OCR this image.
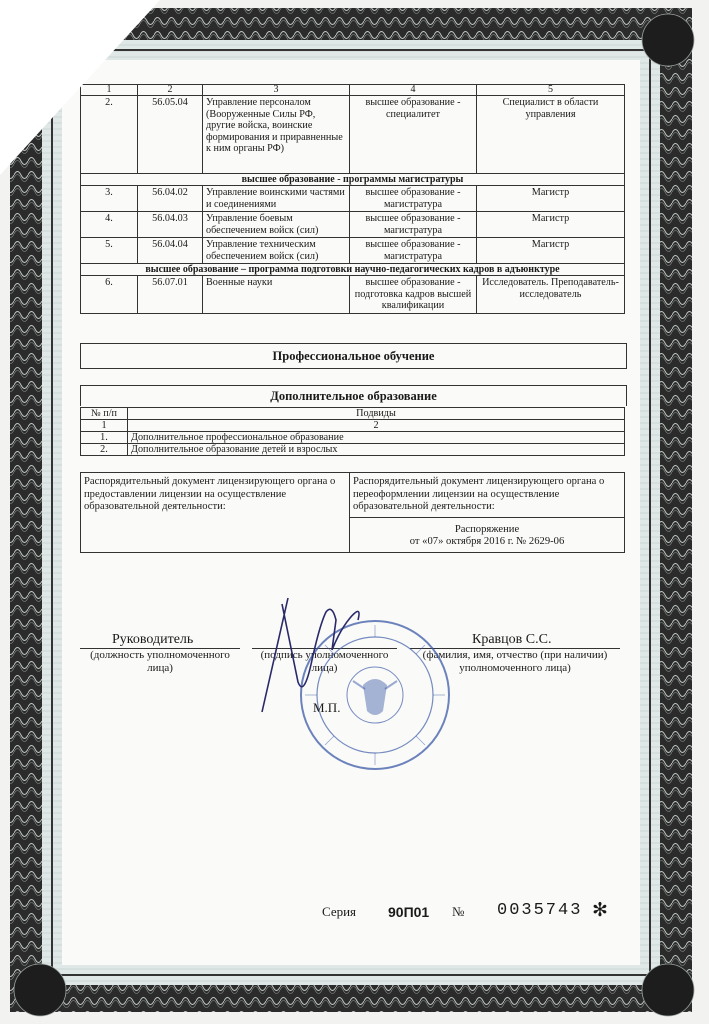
1	2	3	4	5
2.	56.05.04	Управление персоналом (Вооруженные Силы РФ, другие войска, воинские формирования и приравненные к ним органы РФ)	высшее образование - специалитет	Специалист в области управления
высшее образование - программы магистратуры				
3.	56.04.02	Управление воинскими частями и соединениями	высшее образование - магистратура	Магистр
4.	56.04.03	Управление боевым обеспечением войск (сил)	высшее образование - магистратура	Магистр
5.	56.04.04	Управление техническим обеспечением войск (сил)	высшее образование - магистратура	Магистр
высшее образование – программа подготовки научно-педагогических кадров в адъюнктуре				
6.	56.07.01	Военные науки	высшее образование - подготовка кадров высшей квалификации	Исследователь. Преподаватель-исследователь
Профессиональное обучение
Дополнительное образование
№ п/п	Подвиды
1	2
1.	Дополнительное профессиональное образование
2.	Дополнительное образование детей и взрослых
Распорядительный документ лицензирующего органа о предоставлении лицензии на осуществление образовательной деятельности:	Распорядительный документ лицензирующего органа о переоформлении лицензии на осуществление образовательной деятельности:

Распоряжение
от «07» октября 2016 г. № 2629-06
Руководитель
(должность уполномоченного лица)
(подпись уполномоченного лица)
Кравцов С.С.
(фамилия, имя, отчество (при наличии) уполномоченного лица)
М.П.
Серия 90П01 № 0035743 ✻
